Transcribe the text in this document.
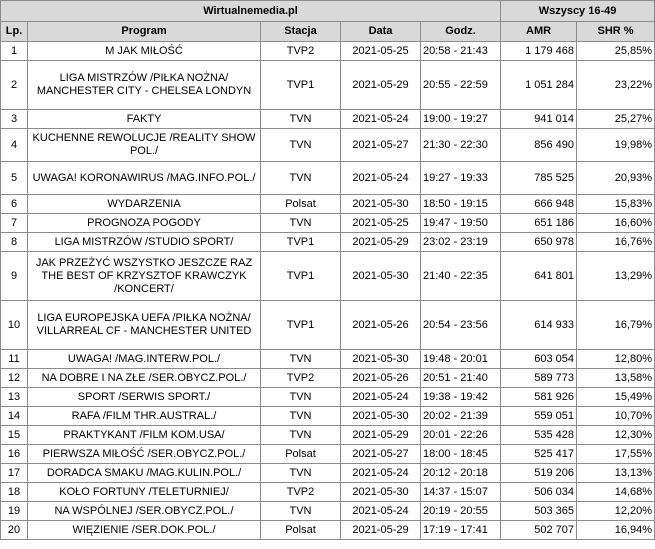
Wirtualnemedia.pl					Wszyscy 16-49	
Lp.	Program	Stacja	Data	Godz.	AMR	SHR %
1	M JAK MIŁOŚĆ	TVP2	2021-05-25	20:58 - 21:43	1 179 468	25,85%
2	LIGA MISTRZÓW /PIŁKA NOŻNA/ MANCHESTER CITY - CHELSEA LONDYN	TVP1	2021-05-29	20:55 - 22:59	1 051 284	23,22%
3	FAKTY	TVN	2021-05-24	19:00 - 19:27	941 014	25,27%
4	KUCHENNE REWOLUCJE /REALITY SHOW POL./	TVN	2021-05-27	21:30 - 22:30	856 490	19,98%
5	UWAGA! KORONAWIRUS /MAG.INFO.POL./	TVN	2021-05-24	19:27 - 19:33	785 525	20,93%
6	WYDARZENIA	Polsat	2021-05-30	18:50 - 19:15	666 948	15,83%
7	PROGNOZA POGODY	TVN	2021-05-25	19:47 - 19:50	651 186	16,60%
8	LIGA MISTRZÓW /STUDIO SPORT/	TVP1	2021-05-29	23:02 - 23:19	650 978	16,76%
9	JAK PRZEŻYĆ WSZYSTKO JESZCZE RAZ THE BEST OF KRZYSZTOF KRAWCZYK /KONCERT/	TVP1	2021-05-30	21:40 - 22:35	641 801	13,29%
10	LIGA EUROPEJSKA UEFA /PIŁKA NOŻNA/ VILLARREAL CF - MANCHESTER UNITED	TVP1	2021-05-26	20:54 - 23:56	614 933	16,79%
11	UWAGA! /MAG.INTERW.POL./	TVN	2021-05-30	19:48 - 20:01	603 054	12,80%
12	NA DOBRE I NA ZŁE /SER.OBYCZ.POL./	TVP2	2021-05-26	20:51 - 21:40	589 773	13,58%
13	SPORT /SERWIS SPORT./	TVN	2021-05-24	19:38 - 19:42	581 926	15,49%
14	RAFA /FILM THR.AUSTRAL./	TVN	2021-05-30	20:02 - 21:39	559 051	10,70%
15	PRAKTYKANT /FILM KOM.USA/	TVN	2021-05-29	20:01 - 22:26	535 428	12,30%
16	PIERWSZA MIŁOŚĆ /SER.OBYCZ.POL./	Polsat	2021-05-27	18:00 - 18:45	525 417	17,55%
17	DORADCA SMAKU /MAG.KULIN.POL./	TVN	2021-05-24	20:12 - 20:18	519 206	13,13%
18	KOŁO FORTUNY /TELETURNIEJ/	TVP2	2021-05-30	14:37 - 15:07	506 034	14,68%
19	NA WSPÓLNEJ /SER.OBYCZ.POL./	TVN	2021-05-24	20:19 - 20:55	503 365	12,20%
20	WIĘZIENIE /SER.DOK.POL./	Polsat	2021-05-29	17:19 - 17:41	502 707	16,94%
